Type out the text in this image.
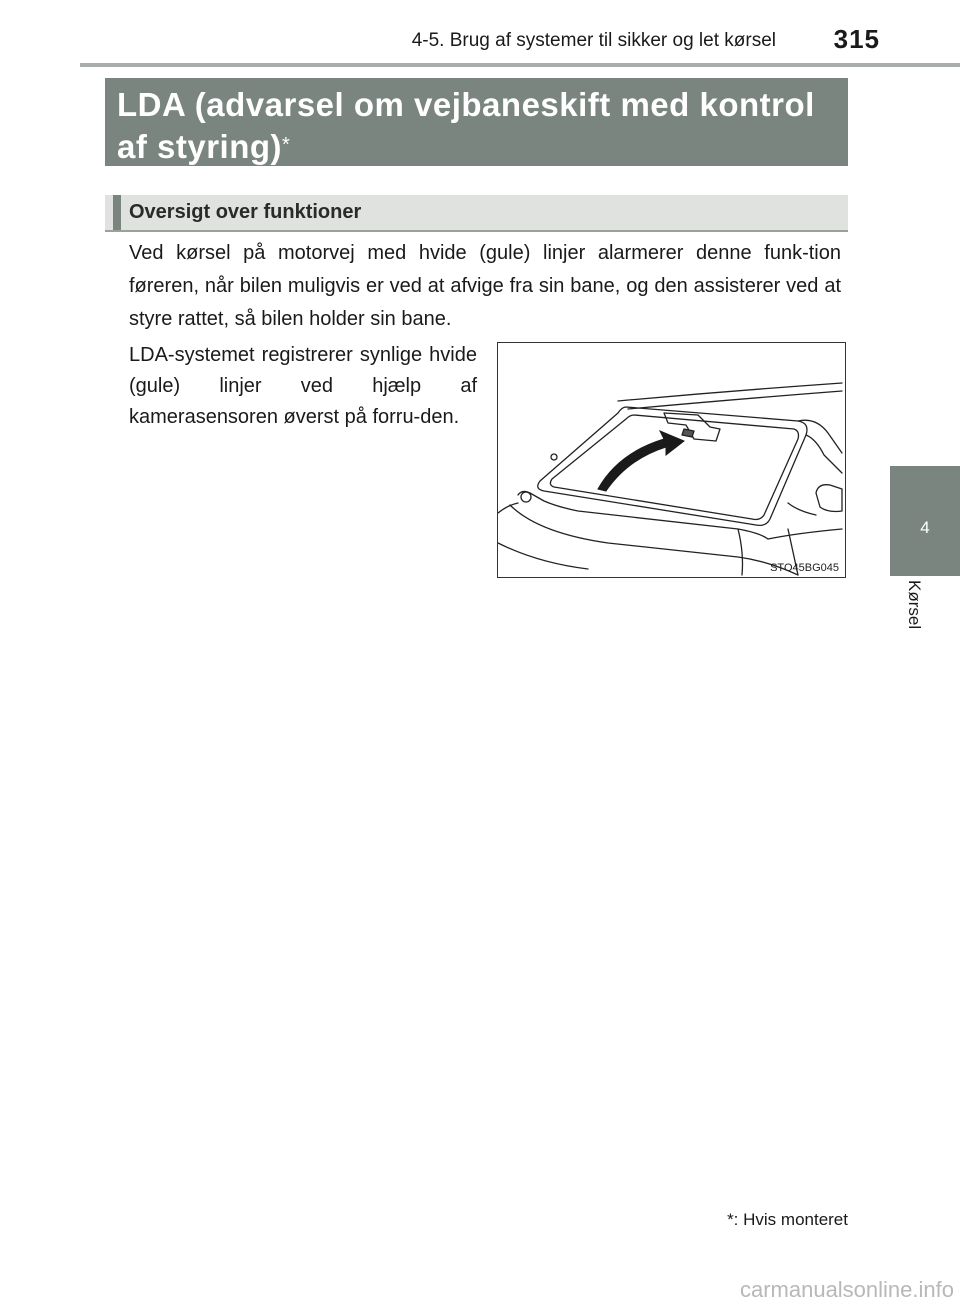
4-5. Brug af systemer til sikker og let kørsel 315
4
Kørsel
LDA (advarsel om vejbaneskift med kontrol af styring)*
Oversigt over funktioner

Ved kørsel på motorvej med hvide (gule) linjer alarmerer denne funk-tion føreren, når bilen muligvis er ved at afvige fra sin bane, og den assisterer ved at styre rattet, så bilen holder sin bane.

LDA-systemet registrerer synlige hvide (gule) linjer ved hjælp af kamerasensoren øverst på forru-den.

STO45BG045
*: Hvis monteret
carmanualsonline.info
